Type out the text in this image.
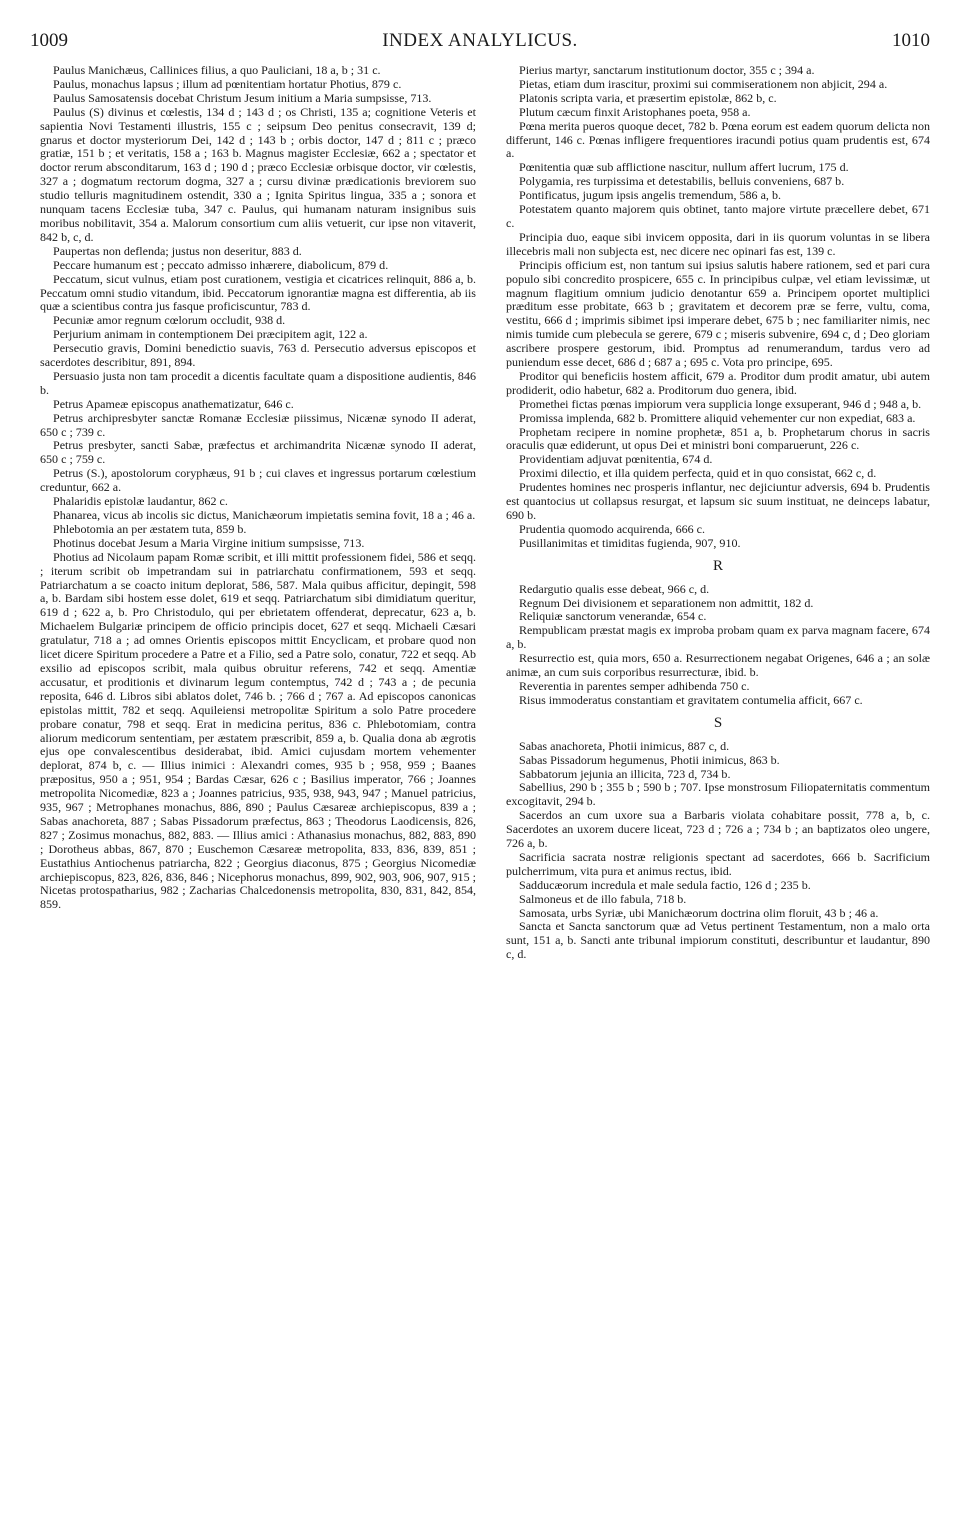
1009	INDEX ANALYLICUS.	1010

Paulus Manichæus, Callinices filius, a quo Pauliciani, 18 a, b ; 31 c.

Paulus, monachus lapsus ; illum ad pœnitentiam hortatur Photius, 879 c.

Paulus Samosatensis docebat Christum Jesum initium a Maria sumpsisse, 713.

Paulus (S) divinus et cœlestis, 134 d ; 143 d ; os Christi, 135 a; cognitione Veteris et sapientia Novi Testamenti illustris, 155 c ; seipsum Deo penitus consecravit, 139 d; gnarus et doctor mysteriorum Dei, 142 d ; 143 b ; orbis doctor, 147 d ; 811 c ; præco gratiæ, 151 b ; et veritatis, 158 a ; 163 b. Magnus magister Ecclesiæ, 662 a ; spectator et doctor rerum absconditarum, 163 d ; 190 d ; præco Ecclesiæ orbisque doctor, vir cœlestis, 327 a ; dogmatum rectorum dogma, 327 a ; cursu divinæ prædicationis breviorem suo studio telluris magnitudinem ostendit, 330 a ; Ignita Spiritus lingua, 335 a ; sonora et nunquam tacens Ecclesiæ tuba, 347 c. Paulus, qui humanam naturam insignibus suis moribus nobilitavit, 354 a. Malorum consortium cum aliis vetuerit, cur ipse non vitaverit, 842 b, c, d.

Paupertas non deflenda; justus non deseritur, 883 d.

Peccare humanum est ; peccato admisso inhærere, diabolicum, 879 d.

Peccatum, sicut vulnus, etiam post curationem, vestigia et cicatrices relinquit, 886 a, b. Peccatum omni studio vitandum, ibid. Peccatorum ignorantiæ magna est differentia, ab iis quæ a scientibus contra jus fasque proficiscuntur, 783 d.

Pecuniæ amor regnum cœlorum occludit, 938 d.

Perjurium animam in contemptionem Dei præcipitem agit, 122 a.

Persecutio gravis, Domini benedictio suavis, 763 d. Persecutio adversus episcopos et sacerdotes describitur, 891, 894.

Persuasio justa non tam procedit a dicentis facultate quam a dispositione audientis, 846 b.

Petrus Apameæ episcopus anathematizatur, 646 c.

Petrus archipresbyter sanctæ Romanæ Ecclesiæ piissimus, Nicænæ synodo II aderat, 650 c ; 739 c.

Petrus presbyter, sancti Sabæ, præfectus et archimandrita Nicænæ synodo II aderat, 650 c ; 759 c.

Petrus (S.), apostolorum coryphæus, 91 b ; cui claves et ingressus portarum cœlestium creduntur, 662 a.

Phalaridis epistolæ laudantur, 862 c.

Phanarea, vicus ab incolis sic dictus, Manichæorum impietatis semina fovit, 18 a ; 46 a.

Phlebotomia an per æstatem tuta, 859 b.

Photinus docebat Jesum a Maria Virgine initium sumpsisse, 713.

Photius ad Nicolaum papam Romæ scribit, et illi mittit professionem fidei, 586 et seqq. ; iterum scribit ob impetrandam sui in patriarchatu confirmationem, 593 et seqq. Patriarchatum a se coacto initum deplorat, 586, 587. Mala quibus afficitur, depingit, 598 a, b. Bardam sibi hostem esse dolet, 619 et seqq. Patriarchatum sibi dimidiatum queritur, 619 d ; 622 a, b. Pro Christodulo, qui per ebrietatem offenderat, deprecatur, 623 a, b. Michaelem Bulgariæ principem de officio principis docet, 627 et seqq. Michaeli Cæsari gratulatur, 718 a ; ad omnes Orientis episcopos mittit Encyclicam, et probare quod non licet dicere Spiritum procedere a Patre et a Filio, sed a Patre solo, conatur, 722 et seqq. Ab exsilio ad episcopos scribit, mala quibus obruitur referens, 742 et seqq. Amentiæ accusatur, et proditionis et divinarum legum contemptus, 742 d ; 743 a ; de pecunia reposita, 646 d. Libros sibi ablatos dolet, 746 b. ; 766 d ; 767 a. Ad episcopos canonicas epistolas mittit, 782 et seqq. Aquileiensi metropolitæ Spiritum a solo Patre procedere probare conatur, 798 et seqq. Erat in medicina peritus, 836 c. Phlebotomiam, contra aliorum medicorum sententiam, per æstatem præscribit, 859 a, b. Qualia dona ab ægrotis ejus ope convalescentibus desiderabat, ibid. Amici cujusdam mortem vehementer deplorat, 874 b, c. — Illius inimici : Alexandri comes, 935 b ; 958, 959 ; Baanes præpositus, 950 a ; 951, 954 ; Bardas Cæsar, 626 c ; Basilius imperator, 766 ; Joannes metropolita Nicomediæ, 823 a ; Joannes patricius, 935, 938, 943, 947 ; Manuel patricius, 935, 967 ; Metrophanes monachus, 886, 890 ; Paulus Cæsareæ archiepiscopus, 839 a ; Sabas anachoreta, 887 ; Sabas Pissadorum præfectus, 863 ; Theodorus Laodicensis, 826, 827 ; Zosimus monachus, 882, 883. — Illius amici : Athanasius monachus, 882, 883, 890 ; Dorotheus abbas, 867, 870 ; Euschemon Cæsareæ metropolita, 833, 836, 839, 851 ; Eustathius Antiochenus patriarcha, 822 ; Georgius diaconus, 875 ; Georgius Nicomediæ archiepiscopus, 823, 826, 836, 846 ; Nicephorus monachus, 899, 902, 903, 906, 907, 915 ; Nicetas protospatharius, 982 ; Zacharias Chalcedonensis metropolita, 830, 831, 842, 854, 859.

Pierius martyr, sanctarum institutionum doctor, 355 c ; 394 a.

Pietas, etiam dum irascitur, proximi sui commiserationem non abjicit, 294 a.

Platonis scripta varia, et præsertim epistolæ, 862 b, c.

Plutum cæcum finxit Aristophanes poeta, 958 a.

Pœna merita pueros quoque decet, 782 b. Pœna eorum est eadem quorum delicta non differunt, 146 c. Pœnas infligere frequentiores iracundi potius quam prudentis est, 674 a.

Pœnitentia quæ sub afflictione nascitur, nullum affert lucrum, 175 d.

Polygamia, res turpissima et detestabilis, belluis conveniens, 687 b.

Pontificatus, jugum ipsis angelis tremendum, 586 a, b.

Potestatem quanto majorem quis obtinet, tanto majore virtute præcellere debet, 671 c.

Principia duo, eaque sibi invicem opposita, dari in iis quorum voluntas in se libera illecebris mali non subjecta est, nec dicere nec opinari fas est, 139 c.

Principis officium est, non tantum sui ipsius salutis habere rationem, sed et pari cura populo sibi concredito prospicere, 655 c. In principibus culpæ, vel etiam levissimæ, ut magnum flagitium omnium judicio denotantur 659 a. Principem oportet multiplici præditum esse probitate, 663 b ; gravitatem et decorem præ se ferre, vultu, coma, vestitu, 666 d ; imprimis sibimet ipsi imperare debet, 675 b ; nec familiariter nimis, nec nimis tumide cum plebecula se gerere, 679 c ; miseris subvenire, 694 c, d ; Deo gloriam ascribere prospere gestorum, ibid. Promptus ad renumerandum, tardus vero ad puniendum esse decet, 686 d ; 687 a ; 695 c. Vota pro principe, 695.

Proditor qui beneficiis hostem afficit, 679 a. Proditor dum prodit amatur, ubi autem prodiderit, odio habetur, 682 a. Proditorum duo genera, ibid.

Promethei fictas pœnas impiorum vera supplicia longe exsuperant, 946 d ; 948 a, b.

Promissa implenda, 682 b. Promittere aliquid vehementer cur non expediat, 683 a.

Prophetam recipere in nomine prophetæ, 851 a, b. Prophetarum chorus in sacris oraculis quæ ediderunt, ut opus Dei et ministri boni comparuerunt, 226 c.

Providentiam adjuvat pœnitentia, 674 d.

Proximi dilectio, et illa quidem perfecta, quid et in quo consistat, 662 c, d.

Prudentes homines nec prosperis inflantur, nec dejiciuntur adversis, 694 b. Prudentis est quantocius ut collapsus resurgat, et lapsum sic suum instituat, ne deinceps labatur, 690 b.

Prudentia quomodo acquirenda, 666 c.

Pusillanimitas et timiditas fugienda, 907, 910.

R

Redargutio qualis esse debeat, 966 c, d.

Regnum Dei divisionem et separationem non admittit, 182 d.

Reliquiæ sanctorum venerandæ, 654 c.

Rempublicam præstat magis ex improba probam quam ex parva magnam facere, 674 a, b.

Resurrectio est, quia mors, 650 a. Resurrectionem negabat Origenes, 646 a ; an solæ animæ, an cum suis corporibus resurrecturæ, ibid. b.

Reverentia in parentes semper adhibenda 750 c.

Risus immoderatus constantiam et gravitatem contumelia afficit, 667 c.

S

Sabas anachoreta, Photii inimicus, 887 c, d.

Sabas Pissadorum hegumenus, Photii inimicus, 863 b.

Sabbatorum jejunia an illicita, 723 d, 734 b.

Sabellius, 290 b ; 355 b ; 590 b ; 707. Ipse monstrosum Filiopaternitatis commentum excogitavit, 294 b.

Sacerdos an cum uxore sua a Barbaris violata cohabitare possit, 778 a, b, c. Sacerdotes an uxorem ducere liceat, 723 d ; 726 a ; 734 b ; an baptizatos oleo ungere, 726 a, b.

Sacrificia sacrata nostræ religionis spectant ad sacerdotes, 666 b. Sacrificium pulcherrimum, vita pura et animus rectus, ibid.

Sadducæorum incredula et male sedula factio, 126 d ; 235 b.

Salmoneus et de illo fabula, 718 b.

Samosata, urbs Syriæ, ubi Manichæorum doctrina olim floruit, 43 b ; 46 a.

Sancta et Sancta sanctorum quæ ad Vetus pertinent Testamentum, non a malo orta sunt, 151 a, b. Sancti ante tribunal impiorum constituti, describuntur et laudantur, 890 c, d.
